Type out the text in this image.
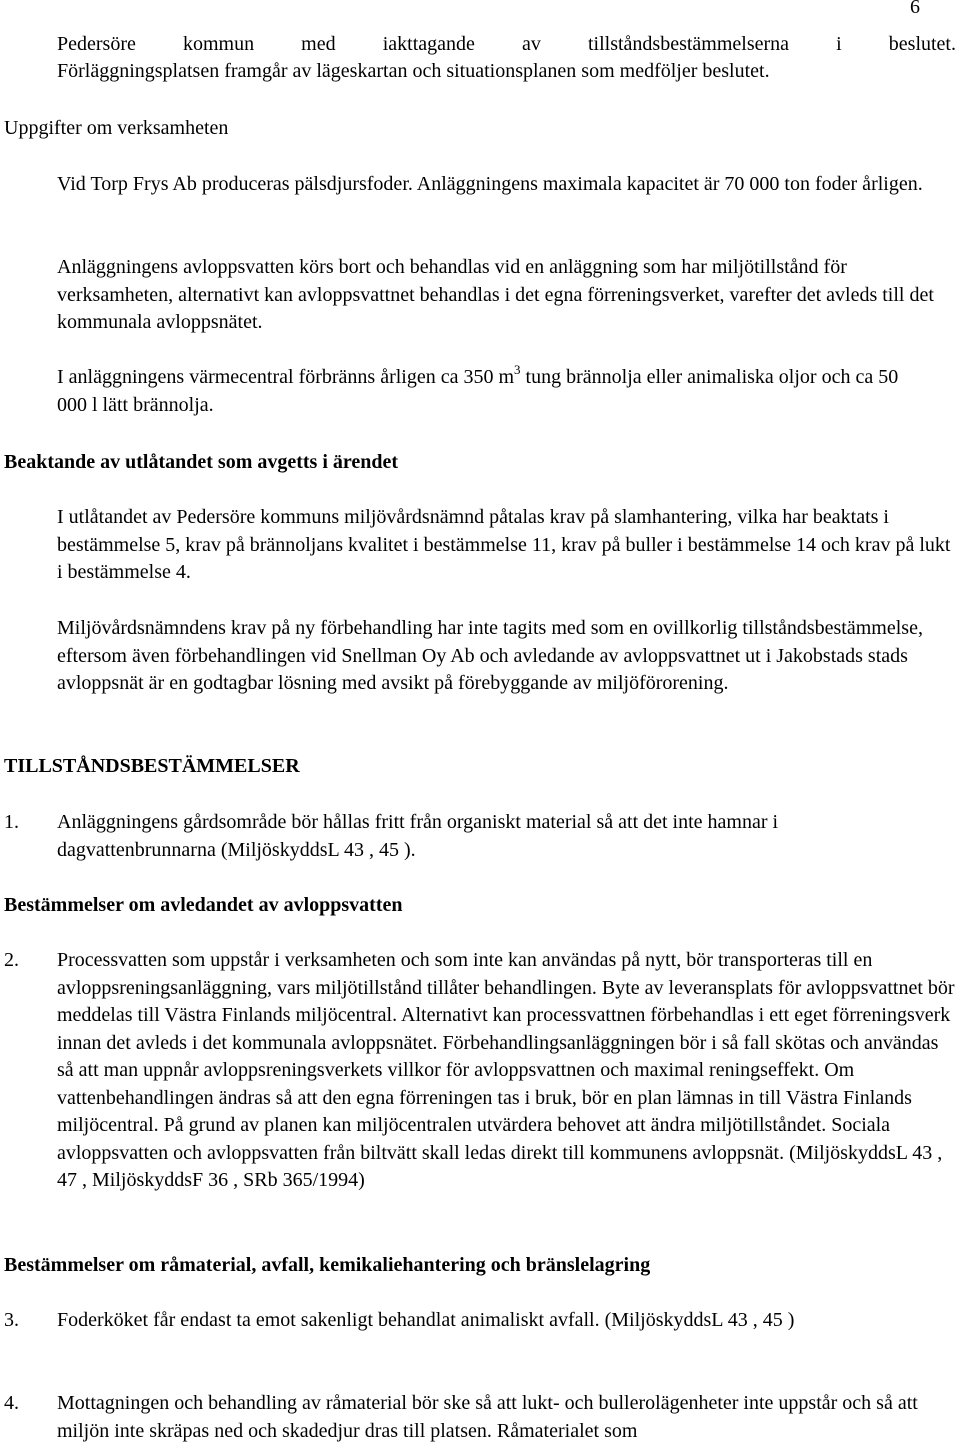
6

Pedersöre kommun med iakttagande av tillståndsbestämmelserna i beslutet.

Förläggningsplatsen framgår av lägeskartan och situationsplanen som medföljer beslutet.

Uppgifter om verksamheten

Vid Torp Frys Ab produceras pälsdjursfoder. Anläggningens maximala kapacitet är 70 000 ton foder årligen.

Anläggningens avloppsvatten körs bort och behandlas vid en anläggning som har miljötillstånd för verksamheten, alternativt kan avloppsvattnet behandlas i det egna förreningsverket, varefter det avleds till det kommunala avloppsnätet.

I anläggningens värmecentral förbränns årligen ca 350 $m^3$ tung brännolja eller animaliska oljor och ca 50 000 l lätt brännolja.

Beaktande av utlåtandet som avgetts i ärendet

I utlåtandet av Pedersöre kommuns miljövårdsnämnd påtalas krav på slamhantering, vilka har beaktats i bestämmelse 5, krav på brännoljans kvalitet i bestämmelse 11, krav på buller i bestämmelse 14 och krav på lukt i bestämmelse 4.

Miljövårdsnämndens krav på ny förbehandling har inte tagits med som en ovillkorlig tillståndsbestämmelse, eftersom även förbehandlingen vid Snellman Oy Ab och avledande av avloppsvattnet ut i Jakobstads stads avloppsnät är en godtagbar lösning med avsikt på förebyggande av miljöförorening.

TILLSTÅNDSBESTÄMMELSER

1. Anläggningens gårdsområde bör hållas fritt från organiskt material så att det inte hamnar i dagvattenbrunnarna (MiljöskyddsL 43 , 45 ).

Bestämmelser om avledandet av avloppsvatten

2. Processvatten som uppstår i verksamheten och som inte kan användas på nytt, bör transporteras till en avloppsreningsanläggning, vars miljötillstånd tillåter behandlingen. Byte av leveransplats för avloppsvattnet bör meddelas till Västra Finlands miljöcentral. Alternativt kan processvattnen förbehandlas i ett eget förreningsverk innan det avleds i det kommunala avloppsnätet. Förbehandlingsanläggningen bör i så fall skötas och användas så att man uppnår avloppsreningsverkets villkor för avloppsvattnen och maximal reningseffekt. Om vattenbehandlingen ändras så att den egna förreningen tas i bruk, bör en plan lämnas in till Västra Finlands miljöcentral. På grund av planen kan miljöcentralen utvärdera behovet att ändra miljötillståndet. Sociala avloppsvatten och avloppsvatten från biltvätt skall ledas direkt till kommunens avloppsnät. (MiljöskyddsL 43 , 47 , MiljöskyddsF 36 , SRb 365/1994)

Bestämmelser om råmaterial, avfall, kemikaliehantering och bränslelagring

3. Foderköket får endast ta emot sakenligt behandlat animaliskt avfall. (MiljöskyddsL 43 , 45 )

4. Mottagningen och behandling av råmaterial bör ske så att lukt- och bullerolägenheter inte uppstår och så att miljön inte skräpas ned och skadedjur dras till platsen. Råmaterialet som
